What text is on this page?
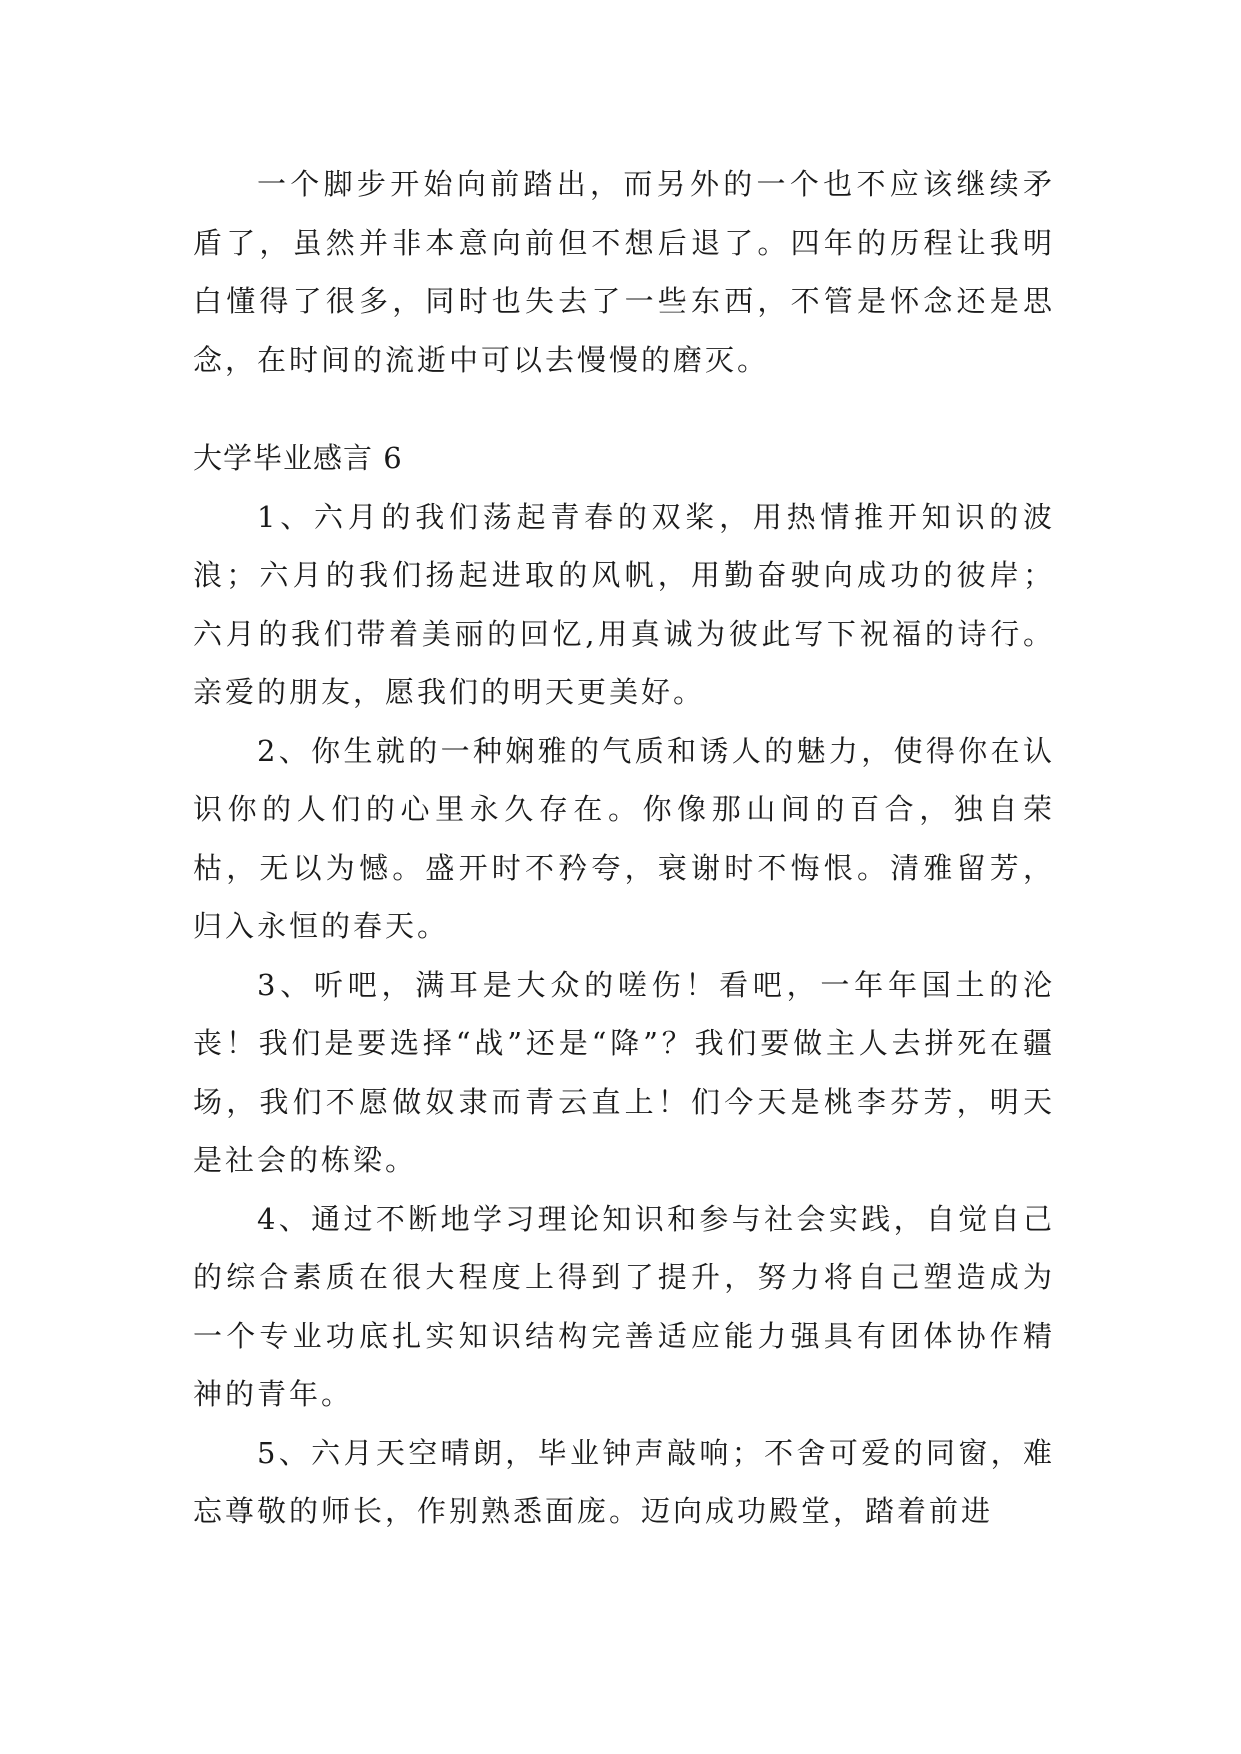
一个脚步开始向前踏出，而另外的一个也不应该继续矛盾了，虽然并非本意向前但不想后退了。四年的历程让我明白懂得了很多，同时也失去了一些东西，不管是怀念还是思念，在时间的流逝中可以去慢慢的磨灭。

大学毕业感言 6

1、六月的我们荡起青春的双桨，用热情推开知识的波浪；六月的我们扬起进取的风帆，用勤奋驶向成功的彼岸；六月的我们带着美丽的回忆,用真诚为彼此写下祝福的诗行。亲爱的朋友，愿我们的明天更美好。

2、你生就的一种娴雅的气质和诱人的魅力，使得你在认识你的人们的心里永久存在。你像那山间的百合，独自荣枯，无以为憾。盛开时不矜夸，衰谢时不悔恨。清雅留芳，归入永恒的春天。

3、听吧，满耳是大众的嗟伤！看吧，一年年国土的沦丧！我们是要选择“战”还是“降”？我们要做主人去拼死在疆场，我们不愿做奴隶而青云直上！们今天是桃李芬芳，明天是社会的栋梁。

4、通过不断地学习理论知识和参与社会实践，自觉自己的综合素质在很大程度上得到了提升，努力将自己塑造成为一个专业功底扎实知识结构完善适应能力强具有团体协作精神的青年。

5、六月天空晴朗，毕业钟声敲响；不舍可爱的同窗，难忘尊敬的师长，作别熟悉面庞。迈向成功殿堂，踏着前进
